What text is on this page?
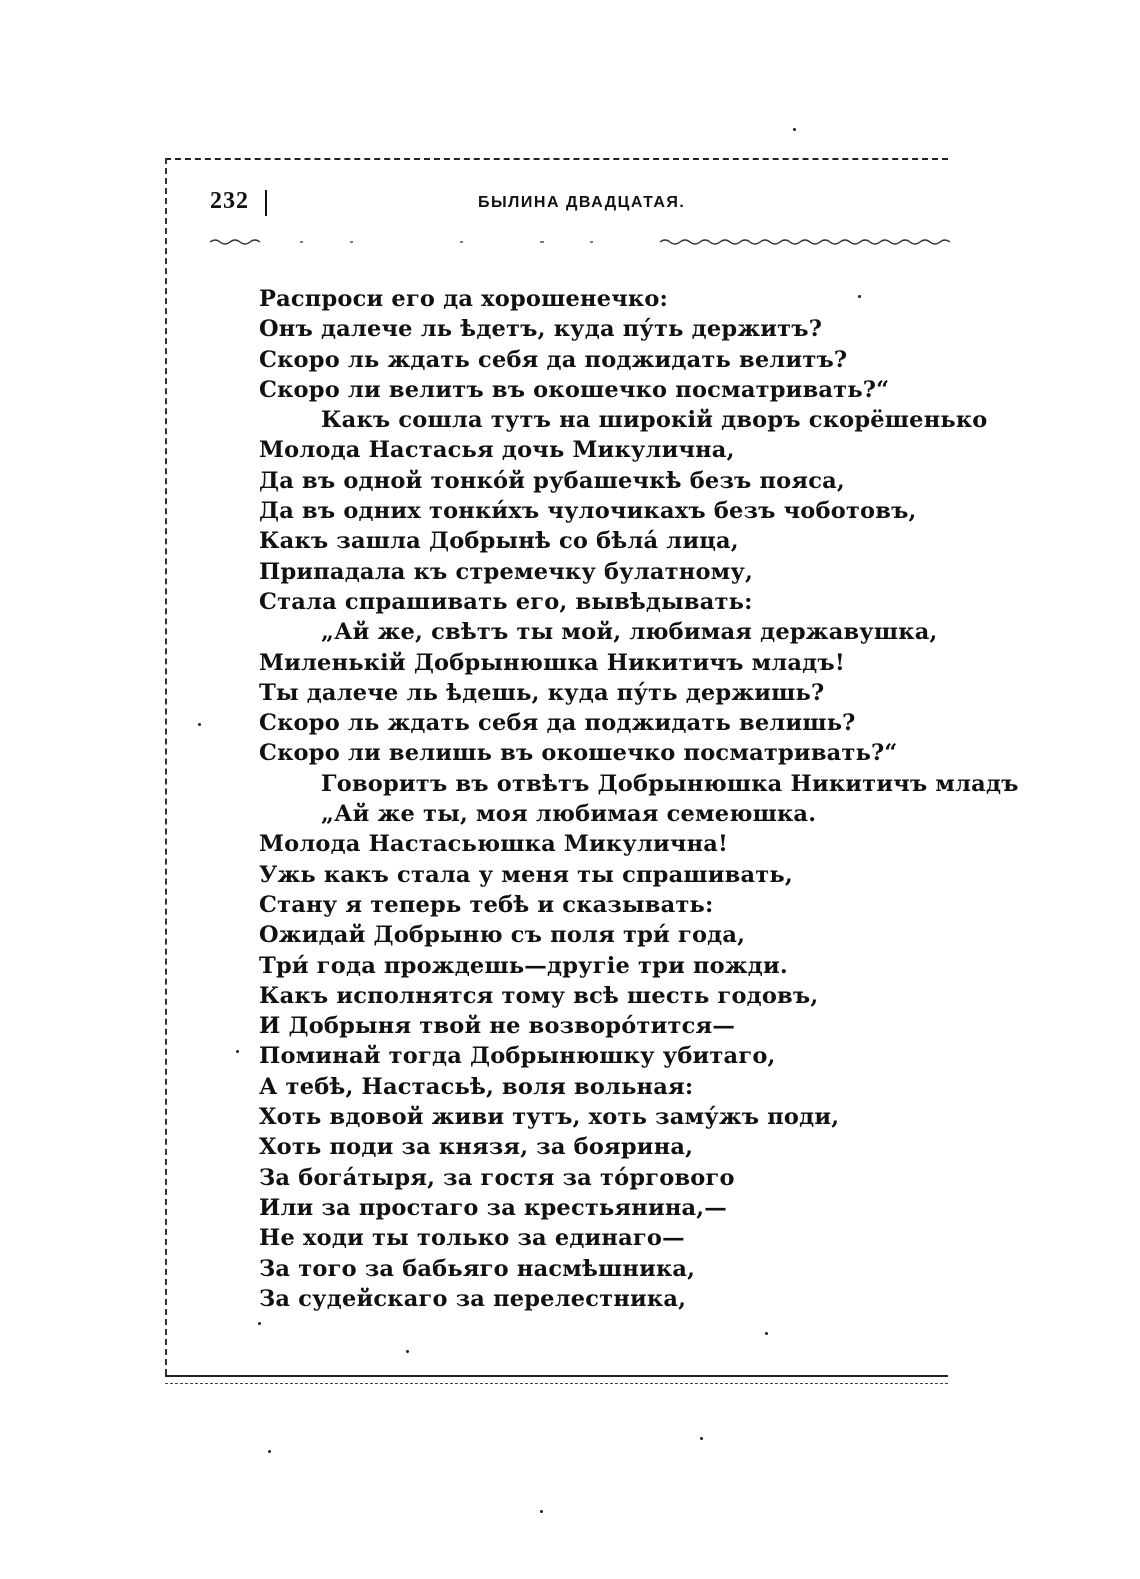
232	БЫЛИНА ДВАДЦАТАЯ.
Распроси его да хорошенечко:
Онъ далече ль ѣдетъ, куда пу́ть держитъ?
Скоро ль ждать себя да поджидать велитъ?
Скоро ли велитъ въ окошечко посматривать?“
Какъ сошла тутъ на широкій дворъ скорёшенько
Молода Настасья дочь Микулична,
Да въ одной тонко́й рубашечкѣ безъ пояса,
Да въ одних тонки́хъ чулочикахъ безъ чоботовъ,
Какъ зашла Добрынѣ со бѣла́ лица,
Припадала къ стремечку булатному,
Стала спрашивать его, вывѣдывать:
„Ай же, свѣтъ ты мой, любимая державушка,
Миленькій Добрынюшка Никитичъ младъ!
Ты далече ль ѣдешь, куда пу́ть держишь?
Скоро ль ждать себя да поджидать велишь?
Скоро ли велишь въ окошечко посматривать?“
Говоритъ въ отвѣтъ Добрынюшка Никитичъ младъ
„Ай же ты, моя любимая семеюшка.
Молода Настасьюшка Микулична!
Ужь какъ стала у меня ты спрашивать,
Стану я теперь тебѣ и сказывать:
Ожидай Добрыню съ поля три́ года,
Три́ года прождешь—другіе три пожди.
Какъ исполнятся тому всѣ шесть годовъ,
И Добрыня твой не возворо́тится—
Поминай тогда Добрынюшку убитаго,
А тебѣ, Настасьѣ, воля вольная:
Хоть вдовой живи тутъ, хоть заму́жъ поди,
Хоть поди за князя, за боярина,
За бога́тыря, за гостя за то́ргового
Или за простаго за крестьянина,—
Не ходи ты только за единаго—
За того за бабьяго насмѣшника,
За судейскаго за перелестника,
